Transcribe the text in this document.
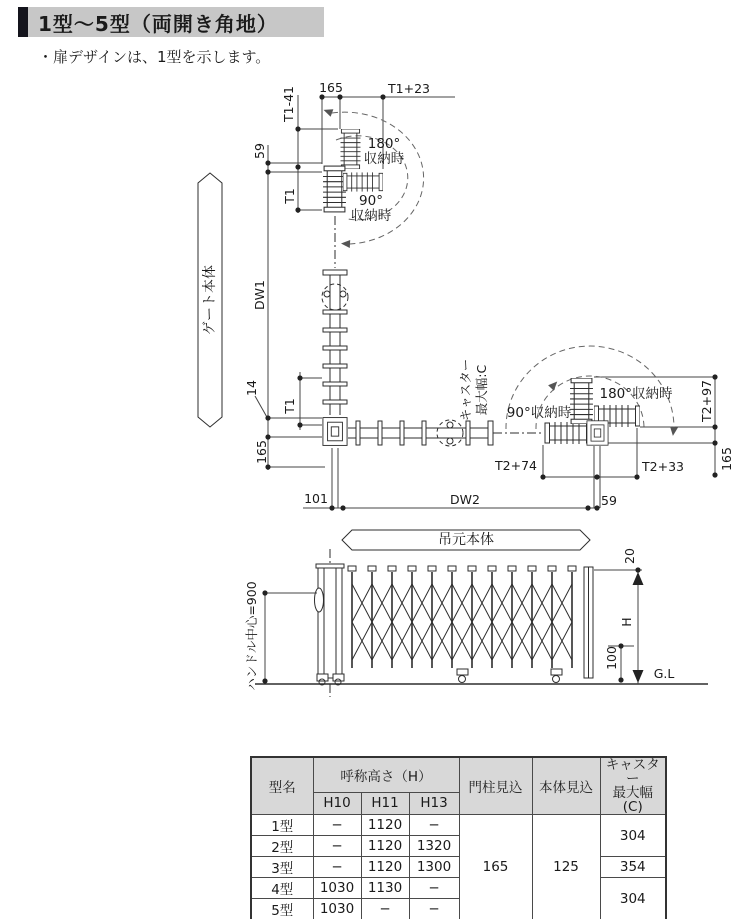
1型～5型（両開き角地）
・扉デザインは、1型を示します。
165	T1+23
T1-41
59
T1
DW1
14
T1
165
101	DW2	59
T2+74	T2+33
T2+97
165
180°
収納時
90°
収納時
90°収納時
180°収納時
キャスター
最大幅:C
ゲート本体
吊元本体
ハンドル中心=900
20
H
100
G.L
型名	呼称高さ（H）			門柱見込	本体見込	キャスター
最大幅
(C)
	H10	H11	H13			
1型	−	1120	−	165	125	304
2型	−	1120	1320			
3型	−	1120	1300			354
4型	1030	1130	−			304
5型	1030	−	−			
